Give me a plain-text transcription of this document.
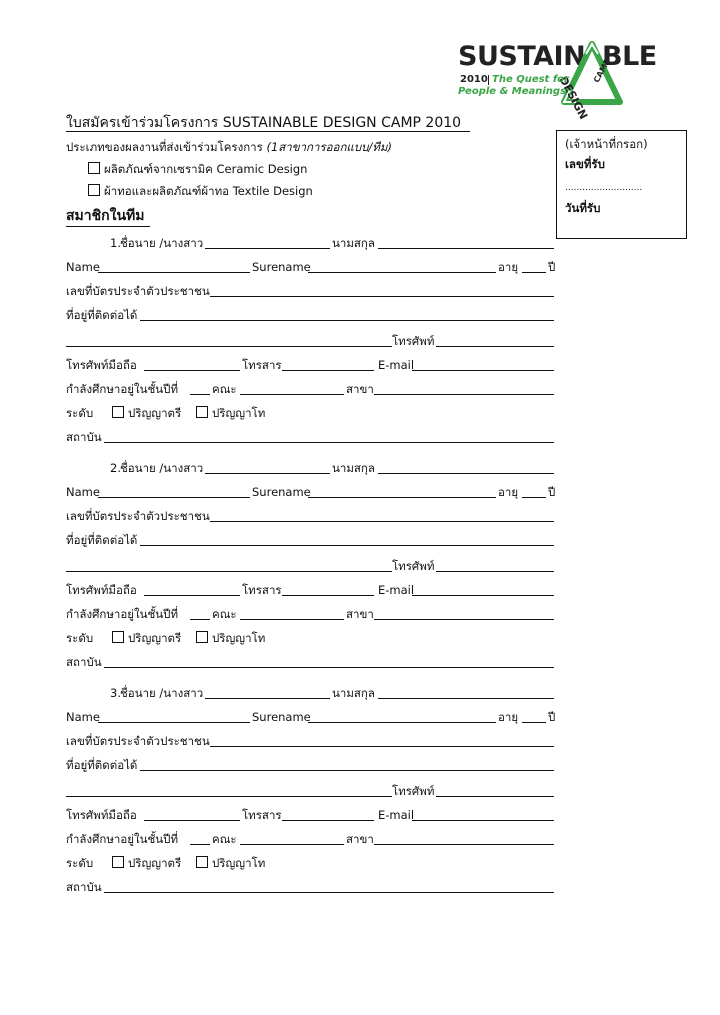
SUSTAIN BLE
DESIGN
CAMP
2010 The Quest for
People & Meanings
ใบสมัครเข้าร่วมโครงการ SUSTAINABLE DESIGN CAMP 2010
ประเภทของผลงานที่ส่งเข้าร่วมโครงการ (1สาขาการออกแบบ/ทีม)
ผลิตภัณฑ์จากเซรามิค Ceramic Design
ผ้าทอและผลิตภัณฑ์ผ้าทอ Textile Design
สมาชิกในทีม
(เจ้าหน้าที่กรอก)
เลขที่รับ
...........................
วันที่รับ
1. ชื่อนาย /นางสาว	นามสกุล
Name	Surename	อายุ	ปี
เลขที่บัตรประจำตัวประชาชน
ที่อยู่ที่ติดต่อได้
โทรศัพท์
โทรศัพท์มือถือ	โทรสาร	E-mail
กำลังศึกษาอยู่ในชั้นปีที่	คณะ	สาขา
ระดับ	ปริญญาตรี	ปริญญาโท
สถาบัน
2. ชื่อนาย /นางสาว	นามสกุล
Name	Surename	อายุ	ปี
เลขที่บัตรประจำตัวประชาชน
ที่อยู่ที่ติดต่อได้
โทรศัพท์
โทรศัพท์มือถือ	โทรสาร	E-mail
กำลังศึกษาอยู่ในชั้นปีที่	คณะ	สาขา
ระดับ	ปริญญาตรี	ปริญญาโท
สถาบัน
3. ชื่อนาย /นางสาว	นามสกุล
Name	Surename	อายุ	ปี
เลขที่บัตรประจำตัวประชาชน
ที่อยู่ที่ติดต่อได้
โทรศัพท์
โทรศัพท์มือถือ	โทรสาร	E-mail
กำลังศึกษาอยู่ในชั้นปีที่	คณะ	สาขา
ระดับ	ปริญญาตรี	ปริญญาโท
สถาบัน
